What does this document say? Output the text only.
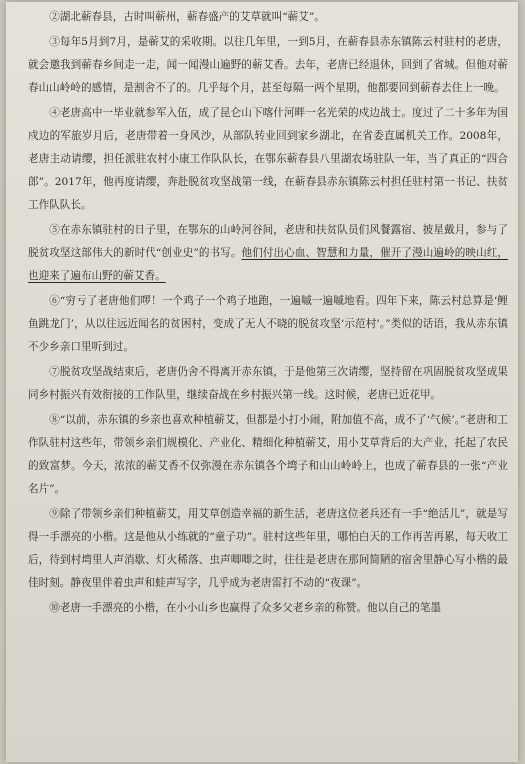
②湖北蕲春县，古时叫蕲州，蕲春盛产的艾草就叫“蕲艾”。

③每年5月到7月，是蕲艾的采收期。以往几年里，一到5月，在蕲春县赤东镇陈云村驻村的老唐，就会邀我到蕲春乡间走一走，闻一闻漫山遍野的蕲艾香。去年，老唐已经退休，回到了省城。但他对蕲春山山岭岭的感情，是割舍不了的。几乎每个月，甚至每隔一两个星期，他都要回到蕲春去住上一晚。

④老唐高中一毕业就参军入伍，成了昆仑山下喀什河畔一名光荣的戍边战士。度过了二十多年为国戍边的军旅岁月后，老唐带着一身风沙，从部队转业回到家乡湖北，在省委直属机关工作。2008年，老唐主动请缨，担任派驻农村小康工作队队长，在鄂东蕲春县八里湖农场驻队一年，当了真正的“四合郎”。2017年，他再度请缨，奔赴脱贫攻坚战第一线，在蕲春县赤东镇陈云村担任驻村第一书记、扶贫工作队队长。

⑤在赤东镇驻村的日子里，在鄂东的山岭河谷间，老唐和扶贫队员们风餐露宿、披星戴月，参与了脱贫攻坚这部伟大的新时代“创业史”的书写。他们付出心血、智慧和力量，催开了漫山遍岭的映山红，也迎来了遍布山野的蕲艾香。

⑥“穷亏了老唐他们啰！一个鸡子一个鸡子地跑，一遍嘁一遍嘁地看。四年下来，陈云村总算是‘鲤鱼跳龙门’，从以往远近闻名的贫困村，变成了无人不晓的脱贫攻坚‘示范村’。”类似的话语，我从赤东镇不少乡亲口里听到过。

⑦脱贫攻坚战结束后，老唐仍舍不得离开赤东镇，于是他第三次请缨，坚持留在巩固脱贫攻坚成果同乡村振兴有效衔接的工作队里，继续奋战在乡村振兴第一线。这时候，老唐已近花甲。

⑧“以前，赤东镇的乡亲也喜欢种植蕲艾，但都是小打小闹，附加值不高，成不了‘气候’。”老唐和工作队驻村这些年，带领乡亲们规模化、产业化、精细化种植蕲艾，用小艾草背后的大产业，托起了农民的致富梦。今天，浓浓的蕲艾香不仅弥漫在赤东镇各个塆子和山山岭岭上，也成了蕲春县的一张“产业名片”。

⑨除了带领乡亲们种植蕲艾，用艾草创造幸福的新生活，老唐这位老兵还有一手“绝活儿”，就是写得一手漂亮的小楷。这是他从小练就的“童子功”。驻村这些年里，哪怕白天的工作再苦再累，每天收工后，待到村塆里人声消歇、灯火稀落、虫声唧唧之时，往往是老唐在那间简陋的宿舍里静心写小楷的最佳时刻。静夜里伴着虫声和蛙声写字，几乎成为老唐雷打不动的“夜课”。

⑩老唐一手漂亮的小楷，在小小山乡也赢得了众多父老乡亲的称赞。他以自己的笔墨
